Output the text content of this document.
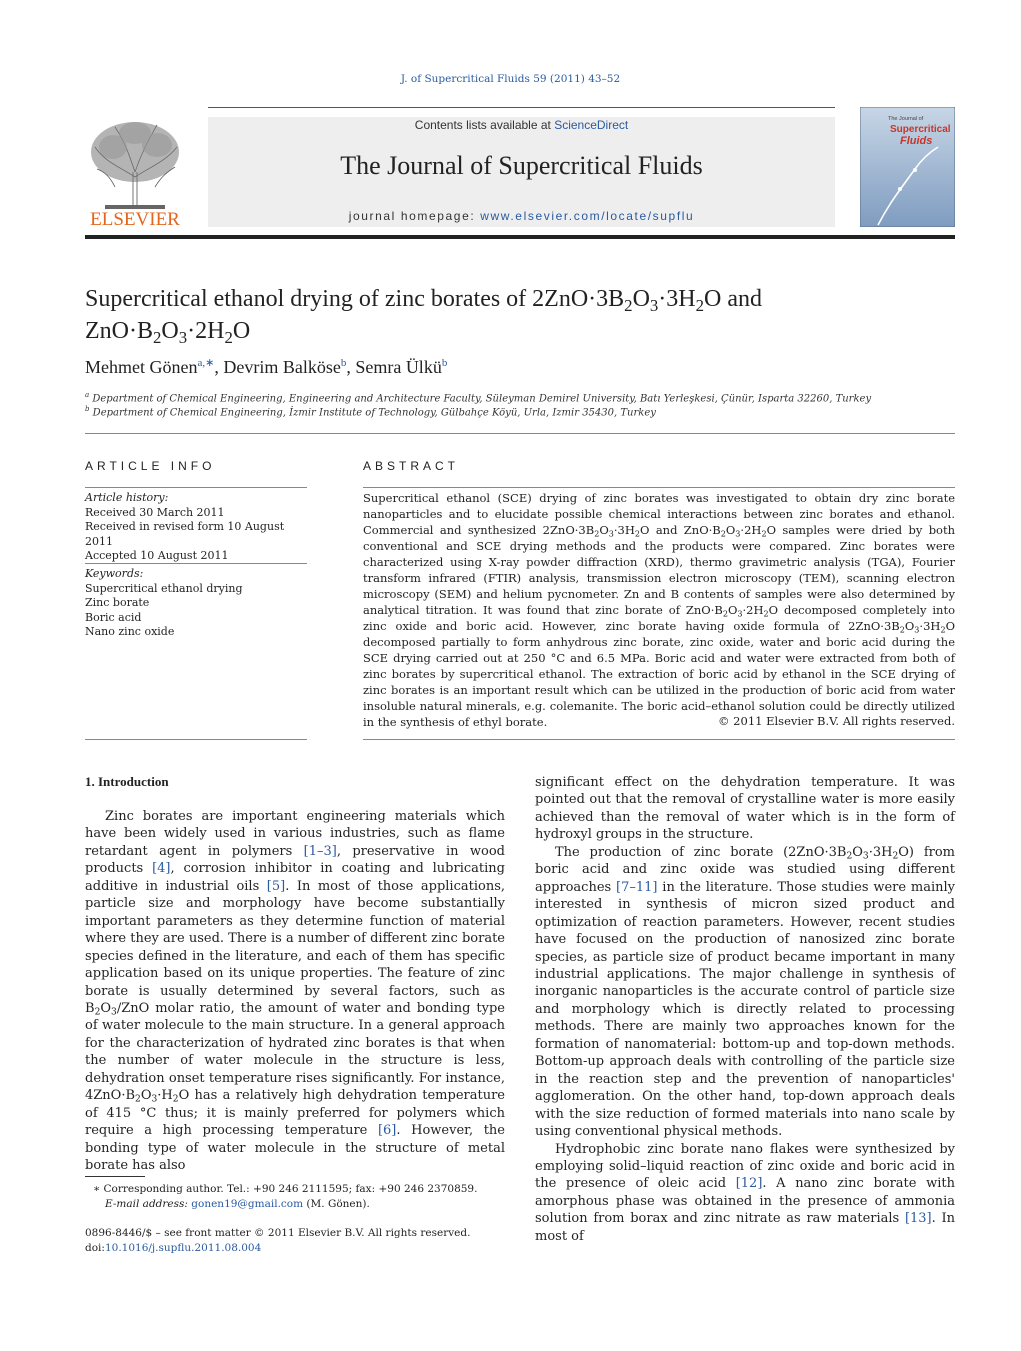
J. of Supercritical Fluids 59 (2011) 43–52
ELSEVIER
Contents lists available at ScienceDirect
The Journal of Supercritical Fluids
journal homepage: www.elsevier.com/locate/supflu
The Journal of
Supercritical
Fluids
Supercritical ethanol drying of zinc borates of $2ZnO\cdot 3B_2O_3\cdot 3H_2O$ and
$ZnO\cdot B_2O_3\cdot 2H_2O$
Mehmet Gönen$^{a,∗}$, Devrim Balköse$^b$, Semra Ülkü$^b$
$^a$ Department of Chemical Engineering, Engineering and Architecture Faculty, Süleyman Demirel University, Batı Yerleşkesi, Çünür, Isparta 32260, Turkey
$^b$ Department of Chemical Engineering, İzmir Institute of Technology, Gülbahçe Köyü, Urla, Izmir 35430, Turkey
ARTICLE INFO
Article history:
Received 30 March 2011
Received in revised form 10 August 2011
Accepted 10 August 2011
Keywords:
Supercritical ethanol drying
Zinc borate
Boric acid
Nano zinc oxide
ABSTRACT
Supercritical ethanol (SCE) drying of zinc borates was investigated to obtain dry zinc borate nanoparticles and to elucidate possible chemical interactions between zinc borates and ethanol. Commercial and synthesized $2ZnO\cdot 3B_2O_3\cdot 3H_2O$ and $ZnO\cdot B_2O_3\cdot 2H_2O$ samples were dried by both conventional and SCE drying methods and the products were compared. Zinc borates were characterized using X-ray powder diffraction (XRD), thermo gravimetric analysis (TGA), Fourier transform infrared (FTIR) analysis, transmission electron microscopy (TEM), scanning electron microscopy (SEM) and helium pycnometer. Zn and B contents of samples were also determined by analytical titration. It was found that zinc borate of $ZnO\cdot B_2O_3\cdot 2H_2O$ decomposed completely into zinc oxide and boric acid. However, zinc borate having oxide formula of $2ZnO\cdot 3B_2O_3\cdot 3H_2O$ decomposed partially to form anhydrous zinc borate, zinc oxide, water and boric acid during the SCE drying carried out at 250 °C and 6.5 MPa. Boric acid and water were extracted from both of zinc borates by supercritical ethanol. The extraction of boric acid by ethanol in the SCE drying of zinc borates is an important result which can be utilized in the production of boric acid from water insoluble natural minerals, e.g. colemanite. The boric acid–ethanol solution could be directly utilized in the synthesis of ethyl borate.	© 2011 Elsevier B.V. All rights reserved.
1. Introduction

Zinc borates are important engineering materials which have been widely used in various industries, such as flame retardant agent in polymers [1–3], preservative in wood products [4], corrosion inhibitor in coating and lubricating additive in industrial oils [5]. In most of those applications, particle size and morphology have become substantially important parameters as they determine function of material where they are used. There is a number of different zinc borate species defined in the literature, and each of them has specific application based on its unique properties. The feature of zinc borate is usually determined by several factors, such as $B_2O_3$/ZnO molar ratio, the amount of water and bonding type of water molecule to the main structure. In a general approach for the characterization of hydrated zinc borates is that when the number of water molecule in the structure is less, dehydration onset temperature rises significantly. For instance, $4ZnO\cdot B_2O_3\cdot H_2O$ has a relatively high dehydration temperature of 415 °C thus; it is mainly preferred for polymers which require a high processing temperature [6]. However, the bonding type of water molecule in the structure of metal borate has also

significant effect on the dehydration temperature. It was pointed out that the removal of crystalline water is more easily achieved than the removal of water which is in the form of hydroxyl groups in the structure.

The production of zinc borate $(2ZnO\cdot 3B_2O_3\cdot 3H_2O)$ from boric acid and zinc oxide was studied using different approaches [7–11] in the literature. Those studies were mainly interested in synthesis of micron sized product and optimization of reaction parameters. However, recent studies have focused on the production of nanosized zinc borate species, as particle size of product became important in many industrial applications. The major challenge in synthesis of inorganic nanoparticles is the accurate control of particle size and morphology which is directly related to processing methods. There are mainly two approaches known for the formation of nanomaterial: bottom-up and top-down methods. Bottom-up approach deals with controlling of the particle size in the reaction step and the prevention of nanoparticles' agglomeration. On the other hand, top-down approach deals with the size reduction of formed materials into nano scale by using conventional physical methods.

Hydrophobic zinc borate nano flakes were synthesized by employing solid–liquid reaction of zinc oxide and boric acid in the presence of oleic acid [12]. A nano zinc borate with amorphous phase was obtained in the presence of ammonia solution from borax and zinc nitrate as raw materials [13]. In most of

∗ Corresponding author. Tel.: +90 246 2111595; fax: +90 246 2370859.
E-mail address: gonen19@gmail.com (M. Gönen).
0896-8446/$ – see front matter © 2011 Elsevier B.V. All rights reserved.
doi:10.1016/j.supflu.2011.08.004
